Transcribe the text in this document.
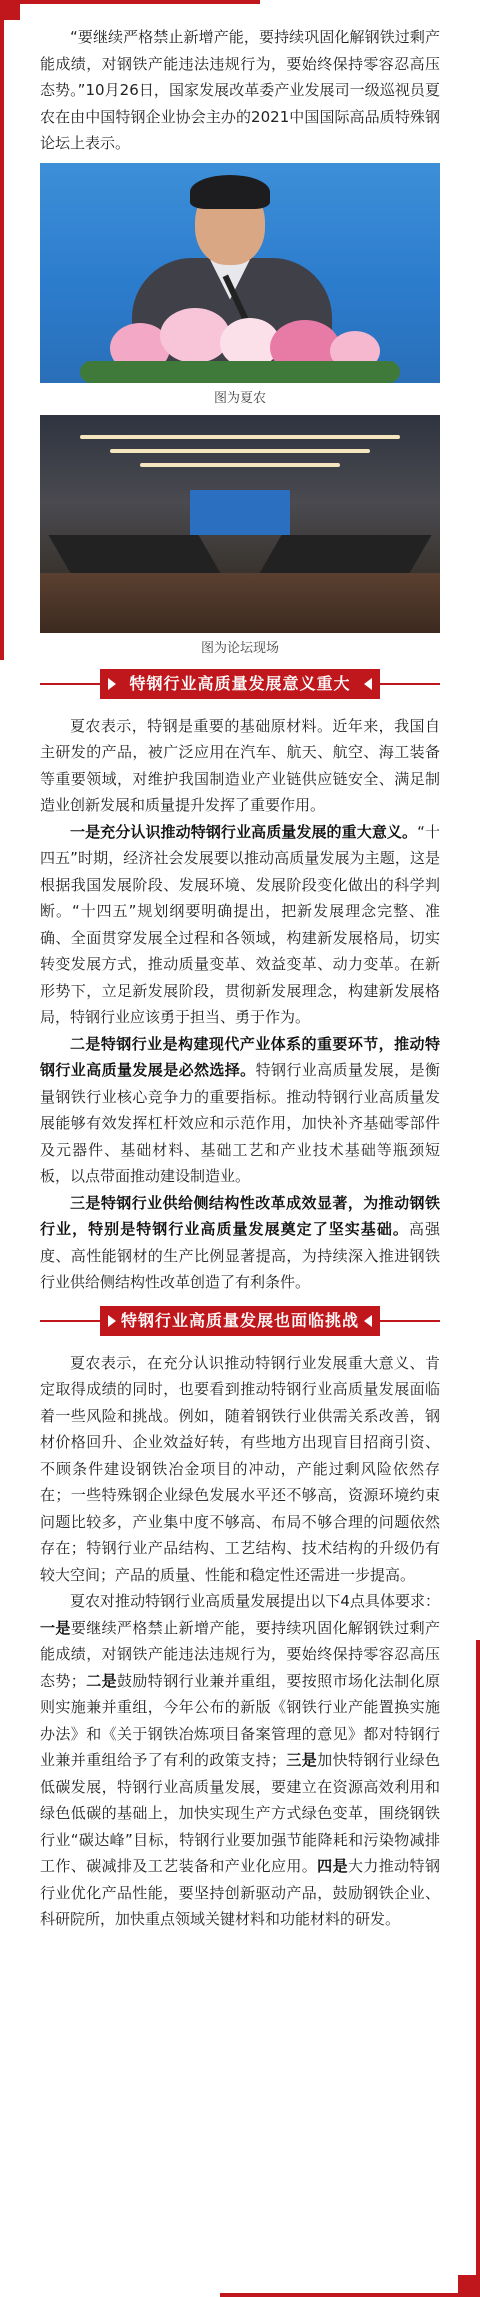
“要继续严格禁止新增产能，要持续巩固化解钢铁过剩产能成绩，对钢铁产能违法违规行为，要始终保持零容忍高压态势。”10月26日，国家发展改革委产业发展司一级巡视员夏农在由中国特钢企业协会主办的2021中国国际高品质特殊钢论坛上表示。

图为夏农
图为论坛现场
特钢行业高质量发展意义重大

夏农表示，特钢是重要的基础原材料。近年来，我国自主研发的产品，被广泛应用在汽车、航天、航空、海工装备等重要领域，对维护我国制造业产业链供应链安全、满足制造业创新发展和质量提升发挥了重要作用。

一是充分认识推动特钢行业高质量发展的重大意义。“十四五”时期，经济社会发展要以推动高质量发展为主题，这是根据我国发展阶段、发展环境、发展阶段变化做出的科学判断。“十四五”规划纲要明确提出，把新发展理念完整、准确、全面贯穿发展全过程和各领域，构建新发展格局，切实转变发展方式，推动质量变革、效益变革、动力变革。在新形势下，立足新发展阶段，贯彻新发展理念，构建新发展格局，特钢行业应该勇于担当、勇于作为。

二是特钢行业是构建现代产业体系的重要环节，推动特钢行业高质量发展是必然选择。特钢行业高质量发展，是衡量钢铁行业核心竞争力的重要指标。推动特钢行业高质量发展能够有效发挥杠杆效应和示范作用，加快补齐基础零部件及元器件、基础材料、基础工艺和产业技术基础等瓶颈短板，以点带面推动建设制造业。

三是特钢行业供给侧结构性改革成效显著，为推动钢铁行业，特别是特钢行业高质量发展奠定了坚实基础。高强度、高性能钢材的生产比例显著提高，为持续深入推进钢铁行业供给侧结构性改革创造了有利条件。

特钢行业高质量发展也面临挑战

夏农表示，在充分认识推动特钢行业发展重大意义、肯定取得成绩的同时，也要看到推动特钢行业高质量发展面临着一些风险和挑战。例如，随着钢铁行业供需关系改善，钢材价格回升、企业效益好转，有些地方出现盲目招商引资、不顾条件建设钢铁冶金项目的冲动，产能过剩风险依然存在；一些特殊钢企业绿色发展水平还不够高，资源环境约束问题比较多，产业集中度不够高、布局不够合理的问题依然存在；特钢行业产品结构、工艺结构、技术结构的升级仍有较大空间；产品的质量、性能和稳定性还需进一步提高。

夏农对推动特钢行业高质量发展提出以下4点具体要求：一是要继续严格禁止新增产能，要持续巩固化解钢铁过剩产能成绩，对钢铁产能违法违规行为，要始终保持零容忍高压态势；二是鼓励特钢行业兼并重组，要按照市场化法制化原则实施兼并重组，今年公布的新版《钢铁行业产能置换实施办法》和《关于钢铁冶炼项目备案管理的意见》都对特钢行业兼并重组给予了有利的政策支持；三是加快特钢行业绿色低碳发展，特钢行业高质量发展，要建立在资源高效利用和绿色低碳的基础上，加快实现生产方式绿色变革，围绕钢铁行业“碳达峰”目标，特钢行业要加强节能降耗和污染物减排工作、碳减排及工艺装备和产业化应用。四是大力推动特钢行业优化产品性能，要坚持创新驱动产品，鼓励钢铁企业、科研院所，加快重点领域关键材料和功能材料的研发。
